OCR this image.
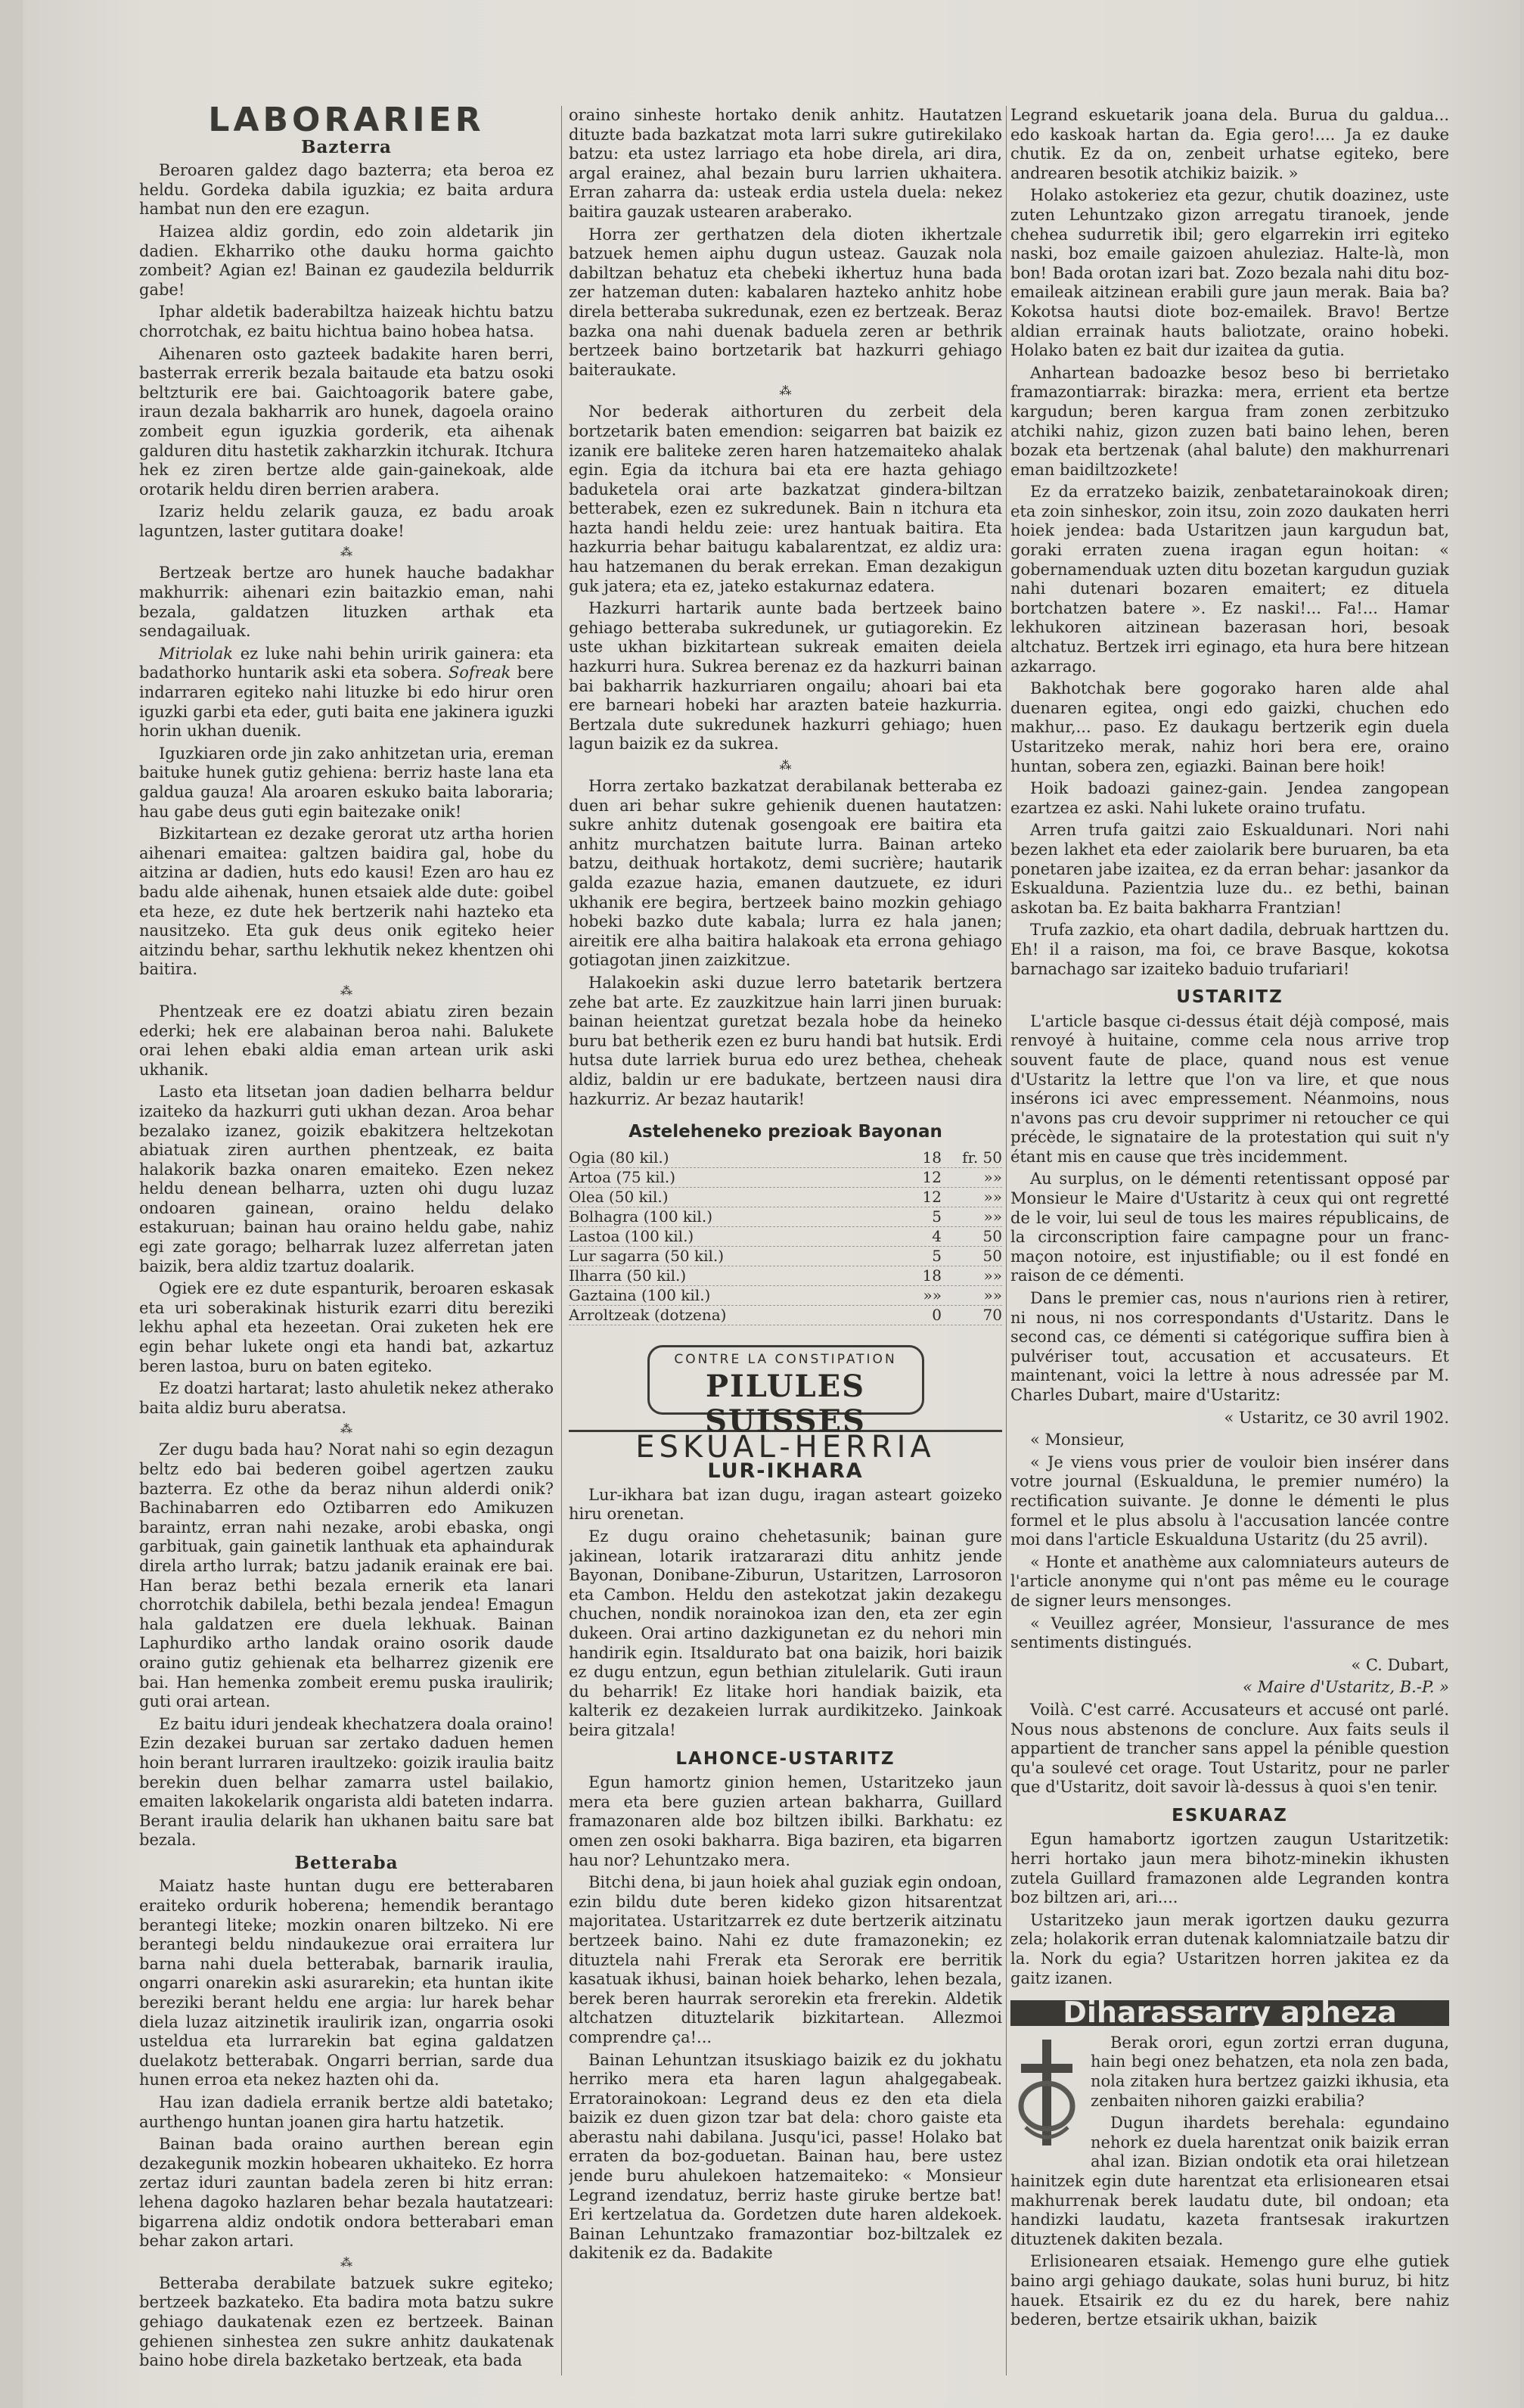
LABORARIER
Bazterra

Beroaren galdez dago bazterra; eta beroa ez heldu. Gordeka dabila iguzkia; ez baita ardura hambat nun den ere ezagun.

Haizea aldiz gordin, edo zoin aldetarik jin dadien. Ekharriko othe dauku horma gaichto zombeit? Agian ez! Bainan ez gaudezila beldurrik gabe!

Iphar aldetik baderabiltza haizeak hichtu batzu chorrotchak, ez baitu hichtua baino hobea hatsa.

Aihenaren osto gazteek badakite haren berri, basterrak errerik bezala baitaude eta batzu osoki beltzturik ere bai. Gaichtoagorik batere gabe, iraun dezala bakharrik aro hunek, dagoela oraino zombeit egun iguzkia gorderik, eta aihenak galduren ditu hastetik zakharzkin itchurak. Itchura hek ez ziren bertze alde gain-gainekoak, alde orotarik heldu diren berrien arabera.

Izariz heldu zelarik gauza, ez badu aroak laguntzen, laster gutitara doake!

⁂

Bertzeak bertze aro hunek hauche badakhar makhurrik: aihenari ezin baitazkio eman, nahi bezala, galdatzen lituzken arthak eta sendagailuak.

Mitriolak ez luke nahi behin uririk gainera: eta badathorko huntarik aski eta sobera. Sofreak bere indarraren egiteko nahi lituzke bi edo hirur oren iguzki garbi eta eder, guti baita ene jakinera iguzki horin ukhan duenik.

Iguzkiaren orde jin zako anhitzetan uria, ereman baituke hunek gutiz gehiena: berriz haste lana eta galdua gauza! Ala aroaren eskuko baita laboraria; hau gabe deus guti egin baitezake onik!

Bizkitartean ez dezake gerorat utz artha horien aihenari emaitea: galtzen baidira gal, hobe du aitzina ar dadien, huts edo kausi! Ezen aro hau ez badu alde aihenak, hunen etsaiek alde dute: goibel eta heze, ez dute hek bertzerik nahi hazteko eta nausitzeko. Eta guk deus onik egiteko heier aitzindu behar, sarthu lekhutik nekez khentzen ohi baitira.

⁂

Phentzeak ere ez doatzi abiatu ziren bezain ederki; hek ere alabainan beroa nahi. Balukete orai lehen ebaki aldia eman artean urik aski ukhanik.

Lasto eta litsetan joan dadien belharra beldur izaiteko da hazkurri guti ukhan dezan. Aroa behar bezalako izanez, goizik ebakitzera heltzekotan abiatuak ziren aurthen phentzeak, ez baita halakorik bazka onaren emaiteko. Ezen nekez heldu denean belharra, uzten ohi dugu luzaz ondoaren gainean, oraino heldu delako estakuruan; bainan hau oraino heldu gabe, nahiz egi zate gorago; belharrak luzez alferretan jaten baizik, bera aldiz tzartuz doalarik.

Ogiek ere ez dute espanturik, beroaren eskasak eta uri soberakinak histurik ezarri ditu bereziki lekhu aphal eta hezeetan. Orai zuketen hek ere egin behar lukete ongi eta handi bat, azkartuz beren lastoa, buru on baten egiteko.

Ez doatzi hartarat; lasto ahuletik nekez atherako baita aldiz buru aberatsa.

⁂

Zer dugu bada hau? Norat nahi so egin dezagun beltz edo bai bederen goibel agertzen zauku bazterra. Ez othe da beraz nihun alderdi onik? Bachinabarren edo Oztibarren edo Amikuzen baraintz, erran nahi nezake, arobi ebaska, ongi garbituak, gain gainetik lanthuak eta aphaindurak direla artho lurrak; batzu jadanik erainak ere bai. Han beraz bethi bezala ernerik eta lanari chorrotchik dabilela, bethi bezala jendea! Emagun hala galdatzen ere duela lekhuak. Bainan Laphurdiko artho landak oraino osorik daude oraino gutiz gehienak eta belharrez gizenik ere bai. Han hemenka zombeit eremu puska iraulirik; guti orai artean.

Ez baitu iduri jendeak khechatzera doala oraino! Ezin dezakei buruan sar zertako daduen hemen hoin berant lurraren iraultzeko: goizik iraulia baitz berekin duen belhar zamarra ustel bailakio, emaiten lakokelarik ongarista aldi bateten indarra. Berant iraulia delarik han ukhanen baitu sare bat bezala.

Betteraba

Maiatz haste huntan dugu ere betterabaren eraiteko ordurik hoberena; hemendik berantago berantegi liteke; mozkin onaren biltzeko. Ni ere berantegi beldu nindaukezue orai erraitera lur barna nahi duela betterabak, barnarik iraulia, ongarri onarekin aski asurarekin; eta huntan ikite bereziki berant heldu ene argia: lur harek behar diela luzaz aitzinetik iraulirik izan, ongarria osoki usteldua eta lurrarekin bat egina galdatzen duelakotz betterabak. Ongarri berrian, sarde dua hunen erroa eta nekez hazten ohi da.

Hau izan dadiela erranik bertze aldi batetako; aurthengo huntan joanen gira hartu hatzetik.

Bainan bada oraino aurthen berean egin dezakegunik mozkin hobearen ukhaiteko. Ez horra zertaz iduri zauntan badela zeren bi hitz erran: lehena dagoko hazlaren behar bezala hautatzeari: bigarrena aldiz ondotik ondora betterabari eman behar zakon artari.

⁂

Betteraba derabilate batzuek sukre egiteko; bertzeek bazkateko. Eta badira mota batzu sukre gehiago daukatenak ezen ez bertzeek. Bainan gehienen sinhestea zen sukre anhitz daukatenak baino hobe direla bazketako bertzeak, eta bada

oraino sinheste hortako denik anhitz. Hautatzen dituzte bada bazkatzat mota larri sukre gutirekilako batzu: eta ustez larriago eta hobe direla, ari dira, argal erainez, ahal bezain buru larrien ukhaitera. Erran zaharra da: usteak erdia ustela duela: nekez baitira gauzak ustearen araberako.

Horra zer gerthatzen dela dioten ikhertzale batzuek hemen aiphu dugun usteaz. Gauzak nola dabiltzan behatuz eta chebeki ikhertuz huna bada zer hatzeman duten: kabalaren hazteko anhitz hobe direla betteraba sukredunak, ezen ez bertzeak. Beraz bazka ona nahi duenak baduela zeren ar bethrik bertzeek baino bortzetarik bat hazkurri gehiago baiteraukate.

⁂

Nor bederak aithorturen du zerbeit dela bortzetarik baten emendion: seigarren bat baizik ez izanik ere baliteke zeren haren hatzemaiteko ahalak egin. Egia da itchura bai eta ere hazta gehiago baduketela orai arte bazkatzat gindera-biltzan betterabek, ezen ez sukredunek. Bain n itchura eta hazta handi heldu zeie: urez hantuak baitira. Eta hazkurria behar baitugu kabalarentzat, ez aldiz ura: hau hatzemanen du berak errekan. Eman dezakigun guk jatera; eta ez, jateko estakurnaz edatera.

Hazkurri hartarik aunte bada bertzeek baino gehiago betteraba sukredunek, ur gutiagorekin. Ez uste ukhan bizkitartean sukreak emaiten deiela hazkurri hura. Sukrea berenaz ez da hazkurri bainan bai bakharrik hazkurriaren ongailu; ahoari bai eta ere barneari hobeki har arazten bateie hazkurria. Bertzala dute sukredunek hazkurri gehiago; huen lagun baizik ez da sukrea.

⁂

Horra zertako bazkatzat derabilanak betteraba ez duen ari behar sukre gehienik duenen hautatzen: sukre anhitz dutenak gosengoak ere baitira eta anhitz murchatzen baitute lurra. Bainan arteko batzu, deithuak hortakotz, demi sucrière; hautarik galda ezazue hazia, emanen dautzuete, ez iduri ukhanik ere begira, bertzeek baino mozkin gehiago hobeki bazko dute kabala; lurra ez hala janen; aireitik ere alha baitira halakoak eta errona gehiago gotiagotan jinen zaizkitzue.

Halakoekin aski duzue lerro batetarik bertzera zehe bat arte. Ez zauzkitzue hain larri jinen buruak: bainan heientzat guretzat bezala hobe da heineko buru bat betherik ezen ez buru handi bat hutsik. Erdi hutsa dute larriek buruа edo urez betheа, cheheak aldiz, baldin ur ere badukate, bertzeen nausi dira hazkurriz. Ar bezaz hautarik!

Asteleheneko prezioak Bayonan
Ogia (80 kil.)	18 fr. 50
Artoa (75 kil.)	12	»»
Olea (50 kil.)	12	»»
Bolhagra (100 kil.)	5	»»
Lastoa (100 kil.)	4	50
Lur sagarra (50 kil.)	5	50
Ilharra (50 kil.)	18	»»
Gaztaina (100 kil.)	»»	»»
Arroltzeak (dotzena)	0	70
CONTRE LA CONSTIPATION
PILULES SUISSES
ESKUAL-HERRIA
LUR-IKHARA

Lur-ikhara bat izan dugu, iragan asteart goizeko hiru orenetan.

Ez dugu oraino chehetasunik; bainan gure jakinean, lotarik iratzararazi ditu anhitz jende Bayonan, Donibane-Ziburun, Ustaritzen, Larrosoron eta Cambon. Heldu den astekotzat jakin dezakegu chuchen, nondik norainokoa izan den, eta zer egin dukeen. Orai artino dazkigunetan ez du nehori min handirik egin. Itsaldurato bat ona baizik, hori baizik ez dugu entzun, egun bethian zitulelarik. Guti iraun du beharrik! Ez litake hori handiak baizik, eta kalterik ez dezakeien lurrak aurdikitzeko. Jainkoak beira gitzala!

LAHONCE-USTARITZ

Egun hamortz ginion hemen, Ustaritzeko jaun mera eta bere guzien artean bakharra, Guillard framazonaren alde boz biltzen ibilki. Barkhatu: ez omen zen osoki bakharra. Biga baziren, eta bigarren hau nor? Lehuntzako mera.

Bitchi dena, bi jaun hoiek ahal guziak egin ondoan, ezin bildu dute beren kideko gizon hitsarentzat majoritatea. Ustaritzarrek ez dute bertzerik aitzinatu bertzeek baino. Nahi ez dute framazonekin; ez dituztela nahi Frerak eta Serorak ere berritik kasatuak ikhusi, bainan hoiek beharko, lehen bezala, berek beren haurrak serorekin eta frerekin. Aldetik altchatzen dituztelarik bizkitartean. Allezmoi comprendre ça!...

Bainan Lehuntzan itsuskiago baizik ez du jokhatu herriko mera eta haren lagun ahalgegabeak. Erratorainokoan: Legrand deus ez den eta diela baizik ez duen gizon tzar bat dela: choro gaiste eta aberastu nahi dabilana. Jusqu'ici, passe! Holako bat erraten da boz-goduetan. Bainan hau, bere ustez jende buru ahulekoen hatzemaiteko: « Monsieur Legrand izendatuz, berriz haste giruke bertze bat! Eri kertzelatua da. Gordetzen dute haren aldekoek. Bainan Lehuntzako framazontiar boz-biltzalek ez dakitenik ez da. Badakite

Legrand eskuetarik joana dela. Burua du galdua... edo kaskoak hartan da. Egia gero!.... Ja ez dauke chutik. Ez da on, zenbeit urhatse egiteko, bere andrearen besotik atchikiz baizik. »

Holako astokeriez eta gezur, chutik doazinez, uste zuten Lehuntzako gizon arregatu tiranoek, jende chehea sudurretik ibil; gero elgarrekin irri egiteko naski, boz emaile gaizoen ahuleziaz. Halte-là, mon bon! Bada orotan izari bat. Zozo bezala nahi ditu boz-emaileak aitzinean erabili gure jaun merak. Baia ba? Kokotsa hautsi diote boz-emailek. Bravo! Bertze aldian errainak hauts baliotzate, oraino hobeki. Holako baten ez bait dur izaitea da gutia.

Anhartean badoazke besoz beso bi berrietako framazontiarrak: birazka: mera, errient eta bertze kargudun; beren kargua fram zonen zerbitzuko atchiki nahiz, gizon zuzen bati baino lehen, beren bozak eta bertzenak (ahal balute) den makhurrenari eman baidiltzozkete!

Ez da erratzeko baizik, zenbatetarainokoak diren; eta zoin sinheskor, zoin itsu, zoin zozo daukaten herri hoiek jendea: bada Ustaritzen jaun kargudun bat, goraki erraten zuena iragan egun hoitan: « gobernamenduak uzten ditu bozetan kargudun guziak nahi dutenari bozaren emaitert; ez dituela bortchatzen batere ». Ez naski!... Fa!... Hamar lekhukoren aitzinean bazerasan hori, besoak altchatuz. Bertzek irri eginago, eta hura bere hitzean azkarrago.

Bakhotchak bere gogorako haren alde ahal duenaren egitea, ongi edo gaizki, chuchen edo makhur,... paso. Ez daukagu bertzerik egin duela Ustaritzeko merak, nahiz hori bera ere, oraino huntan, sobera zen, egiazki. Bainan bere hoik!

Hoik badoazi gainez-gain. Jendea zangopean ezartzea ez aski. Nahi lukete oraino trufatu.

Arren trufa gaitzi zaio Eskualdunari. Nori nahi bezen lakhet eta eder zaiolarik bere buruaren, ba eta ponetaren jabe izaitea, ez da erran behar: jasankor da Eskualduna. Pazientzia luze du.. ez bethi, bainan askotan ba. Ez baita bakharra Frantzian!

Trufa zazkio, eta ohart dadila, debruak harttzen du. Eh! il a raison, ma foi, ce brave Basque, kokotsa barnachago sar izaiteko baduio trufariari!

USTARITZ

L'article basque ci-dessus était déjà composé, mais renvoyé à huitaine, comme cela nous arrive trop souvent faute de place, quand nous est venue d'Ustaritz la lettre que l'on va lire, et que nous insérons ici avec empressement. Néanmoins, nous n'avons pas cru devoir supprimer ni retoucher ce qui précède, le signataire de la protestation qui suit n'y étant mis en cause que très incidemment.

Au surplus, on le démenti retentissant opposé par Monsieur le Maire d'Ustaritz à ceux qui ont regretté de le voir, lui seul de tous les maires républicains, de la circonscription faire campagne pour un franc-maçon notoire, est injustifiable; ou il est fondé en raison de ce démenti.

Dans le premier cas, nous n'aurions rien à retirer, ni nous, ni nos correspondants d'Ustaritz. Dans le second cas, ce démenti si catégorique suffira bien à pulvériser tout, accusation et accusateurs. Et maintenant, voici la lettre à nous adressée par M. Charles Dubart, maire d'Ustaritz:

« Ustaritz, ce 30 avril 1902.

« Monsieur,

« Je viens vous prier de vouloir bien insérer dans votre journal (Eskualduna, le premier numéro) la rectification suivante. Je donne le démenti le plus formel et le plus absolu à l'accusation lancée contre moi dans l'article Eskualduna Ustaritz (du 25 avril).

« Honte et anathème aux calomniateurs auteurs de l'article anonyme qui n'ont pas même eu le courage de signer leurs mensonges.

« Veuillez agréer, Monsieur, l'assurance de mes sentiments distingués.

« C. Dubart,

« Maire d'Ustaritz, B.-P. »

Voilà. C'est carré. Accusateurs et accusé ont parlé. Nous nous abstenons de conclure. Aux faits seuls il appartient de trancher sans appel la pénible question qu'a soulevé cet orage. Tout Ustaritz, pour ne parler que d'Ustaritz, doit savoir là-dessus à quoi s'en tenir.

ESKUARAZ

Egun hamabortz igortzen zaugun Ustaritzetik: herri hortako jaun mera bihotz-minekin ikhusten zutela Guillard framazonen alde Legranden kontra boz biltzen ari, ari....

Ustaritzeko jaun merak igortzen dauku gezurra zela; holakorik erran dutenak kalomniatzaile batzu dir la. Nork du egia? Ustaritzen horren jakitea ez da gaitz izanen.

Diharassarry apheza

Berak orori, egun zortzi erran dugunа, hain begi onez behatzen, eta nola zen bada, nola zitaken hura bertzez gaizki ikhusia, eta zenbaiten nihoren gaizki erabilia?

Dugun ihardets berehala: egundaino nehork ez duela harentzat onik baizik erran ahal izan. Bizian ondotik eta orai hiletzean hainitzek egin dute harentzat eta erlisionearen etsai makhurrenak berek laudatu dute, bil ondoan; eta handizki laudatu, kazeta frantsesak irakurtzen dituztenek dakiten bezala.

Erlisionearen etsaiak. Hemengo gure elhe gutiek baino argi gehiago daukate, solas huni buruz, bi hitz hauek. Etsairik ez du ez du harek, bere nahiz bederen, bertze etsairik ukhan, baizik
